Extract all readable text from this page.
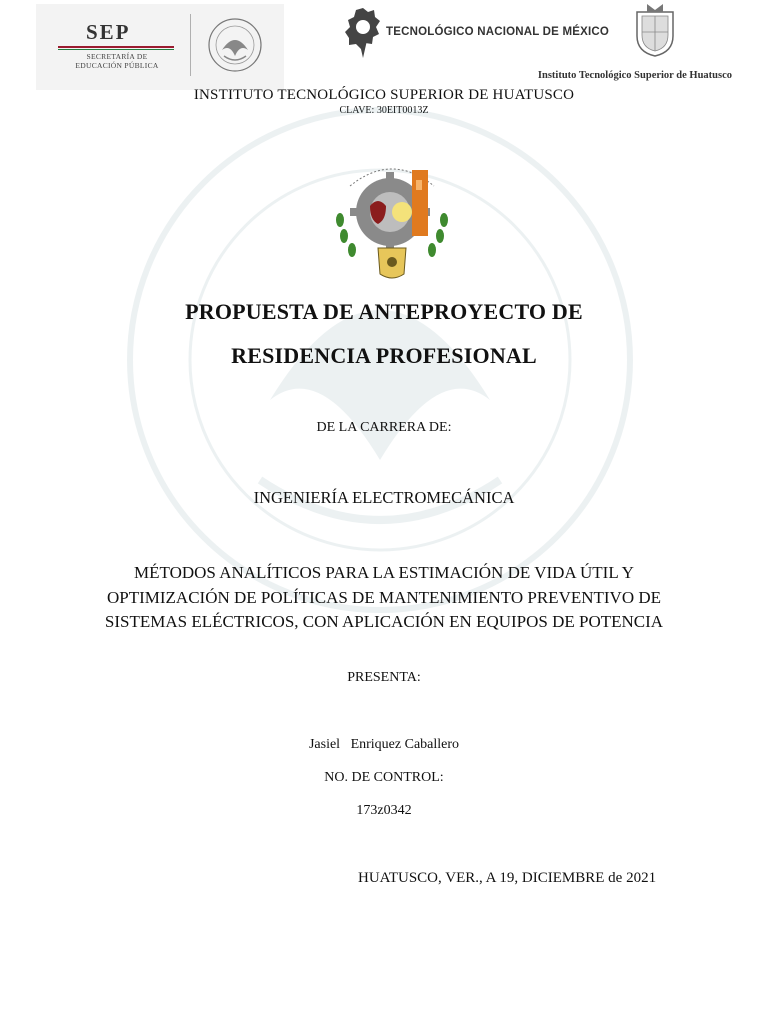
SEP
SECRETARÍA DE
EDUCACIÓN PÚBLICA
TECNOLÓGICO NACIONAL DE MÉXICO
Instituto Tecnológico Superior de Huatusco
INSTITUTO TECNOLÓGICO SUPERIOR DE HUATUSCO
CLAVE: 30EIT0013Z
PROPUESTA DE ANTEPROYECTO DE
RESIDENCIA PROFESIONAL
DE LA CARRERA DE:
INGENIERÍA ELECTROMECÁNICA
MÉTODOS ANALÍTICOS PARA LA ESTIMACIÓN DE VIDA ÚTIL Y OPTIMIZACIÓN DE POLÍTICAS DE MANTENIMIENTO PREVENTIVO DE SISTEMAS ELÉCTRICOS, CON APLICACIÓN EN EQUIPOS DE POTENCIA
PRESENTA:
Jasiel   Enriquez Caballero
NO. DE CONTROL:
173z0342
HUATUSCO, VER., A 19, DICIEMBRE de 2021
